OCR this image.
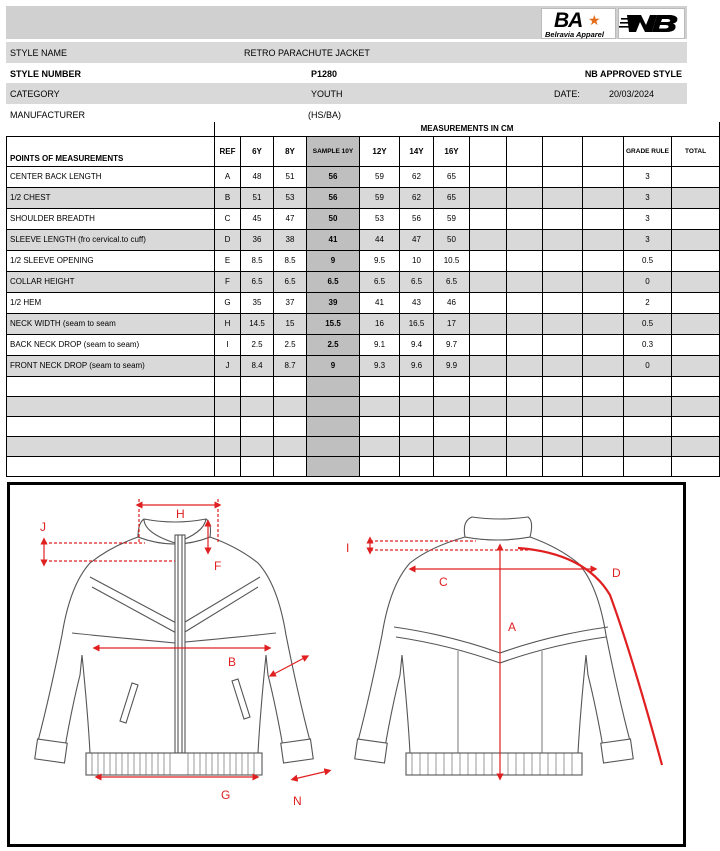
BA ★
Belravia Apparel
STYLE NAME	RETRO PARACHUTE JACKET
STYLE NUMBER	P1280	NB APPROVED STYLE
CATEGORY	YOUTH	DATE:	20/03/2024
MANUFACTURER	(HS/BA)
	MEASUREMENTS IN CM												
POINTS OF MEASUREMENTS	REF	6Y	8Y	SAMPLE 10Y	12Y	14Y	16Y					GRADE RULE	TOTAL
CENTER BACK LENGTH	A	48	51	56	59	62	65					3	
1/2 CHEST	B	51	53	56	59	62	65					3	
SHOULDER BREADTH	C	45	47	50	53	56	59					3	
SLEEVE LENGTH (fro cervical.to cuff)	D	36	38	41	44	47	50					3	
1/2 SLEEVE OPENING	E	8.5	8.5	9	9.5	10	10.5					0.5	
COLLAR HEIGHT	F	6.5	6.5	6.5	6.5	6.5	6.5					0	
1/2 HEM	G	35	37	39	41	43	46					2	
NECK WIDTH (seam to seam	H	14.5	15	15.5	16	16.5	17					0.5	
BACK NECK DROP (seam to seam)	I	2.5	2.5	2.5	9.1	9.4	9.7					0.3	
FRONT NECK DROP (seam to seam)	J	8.4	8.7	9	9.3	9.6	9.9					0	

H
J
F
B
G	N
I
C
D
A
